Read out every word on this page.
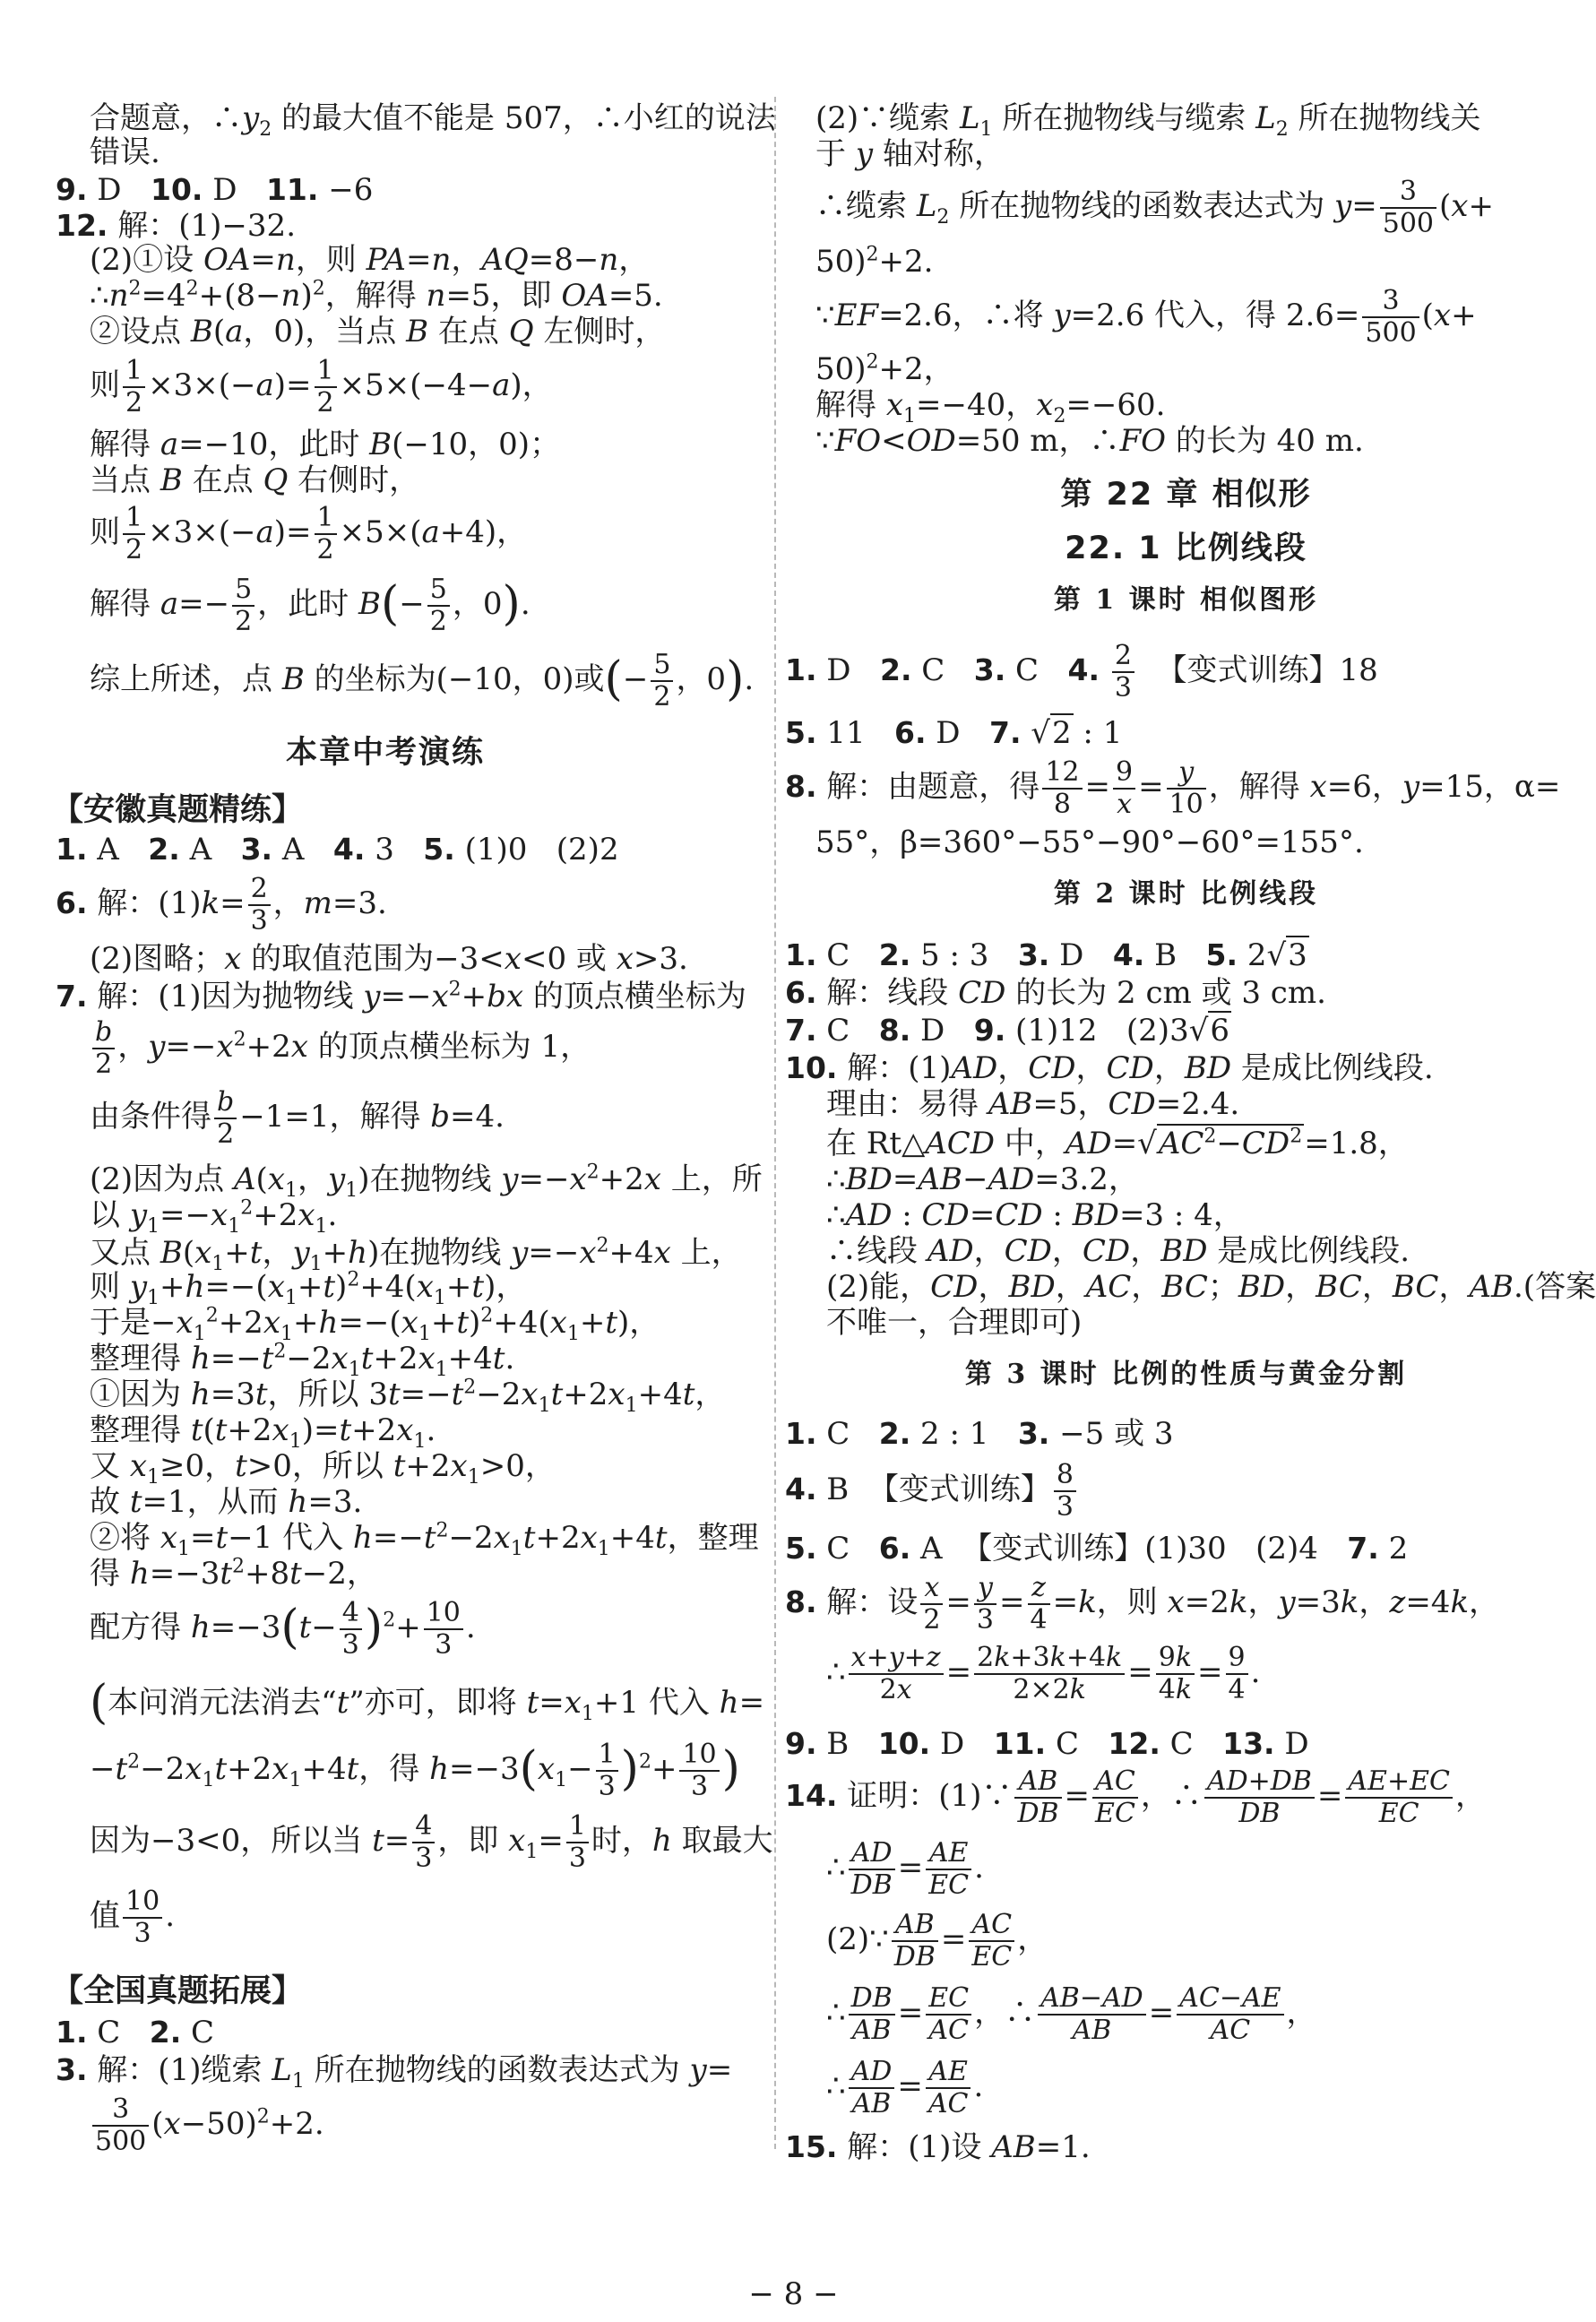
合题意，$\therefore y_2$ 的最大值不能是 507，∴小红的说法
错误.
9. D   10. D   11. −6
12. 解：(1)−32.
(2)①设 OA=n，则 PA=n，AQ=8−n，
$\therefore n^2=4^2+(8-n)^2$，解得 n=5，即 OA=5.
②设点 B(a，0)，当点 B 在点 Q 左侧时，
则 $\frac{1}{2} \times 3\times(-a)= \frac{1}{2} \times 5\times(-4-a)$，
解得 a=−10，此时 B(−10，0)；
当点 B 在点 Q 右侧时，
则 $\frac{1}{2} \times 3\times(-a)= \frac{1}{2} \times 5\times(a+4)$，
解得 $a=- \frac{5}{2}$ ，此时 $B(- \frac{5}{2}$ ，0).
综上所述，点 B 的坐标为(−10，0)或(− $\frac{5}{2}$ ，0).
本章中考演练
【安徽真题精练】
1. A   2. A   3. A   4. 3   5. (1)0   (2)2
6. 解：$(1)k= \frac{2}{3}$ ，m=3.
(2)图略；x 的取值范围为−3<x<0 或 x>3.
7. 解：(1)因为抛物线 $y=-x^2+bx$ 的顶点横坐标为
$\frac{b}{2}$ ，$y=-x^2+2x$ 的顶点横坐标为 1，
由条件得 $\frac{b}{2} -1=1$，解得 b=4.
(2)因为点 $A(x_1$，$y_1$)在抛物线 $y=-x^2+2x$ 上，所
以 $y_1=-x_1^2+2x_1$.
又点 $B(x_1+t$，$y_1+h$)在抛物线 $y=-x^2+4x$ 上，
则 $y_1+h=-(x_1+t)^2+4(x_1+t)$，
于是$-x_1^2+2x_1+h=-(x_1+t)^2+4(x_1+t)$，
整理得 $h=-t^2-2x_1t+2x_1+4t$.
①因为 h=3t，所以 $3t=-t^2-2x_1t+2x_1+4t$，
整理得 $t(t+2x_1)=t+2x_1$.
又 $x_1\ge 0$，t>0，所以 $t+2x_1>0$，
故 t=1，从而 h=3.
②将 $x_1=t-1$ 代入 $h=-t^2-2x_1t+2x_1+4t$，整理
得 $h=-3t^2+8t-2$，
配方得 $h=-3(t- \frac{4}{3} )^2+ \frac{10}{3}$ .
(本问消元法消去“t”亦可，即将 $t=x_1+1$ 代入 h=
$-t^2-2x_1t+2x_1+4t$，得 $h=-3(x_1- \frac{1}{3} )^2+ \frac{10}{3}$ )
因为−3<0，所以当 $t= \frac{4}{3}$ ，即 $x_1= \frac{1}{3}$ 时，h 取最大
值 $\frac{10}{3}$ .
【全国真题拓展】
1. C   2. C
3. 解：(1)缆索 $L_1$ 所在抛物线的函数表达式为 y=
$\frac{3}{500} (x-50)^2+2$.
(2)∵缆索 $L_1$ 所在抛物线与缆索 $L_2$ 所在抛物线关
于 y 轴对称，
∴缆索 $L_2$ 所在抛物线的函数表达式为 $y= \frac{3}{500} (x+$
50)$^2$+2.
∵EF=2.6，∴将 y=2.6 代入，得 $2.6= \frac{3}{500} (x+$
50)$^2$+2，
解得 $x_1=-40$，$x_2=-60$.
∵FO<OD=50 m，∴FO 的长为 40 m.
第 22 章 相似形
22. 1 比例线段
第 1 课时 相似图形
1. D   2. C   3. C   4. $\frac{2}{3}$ 【变式训练】18
5. 11   6. D   7. √2 : 1
8. 解：由题意，得 $\frac{12}{8} = \frac{9}{x} = \frac{y}{10}$ ，解得 x=6，y=15，α=
55°，β=360°−55°−90°−60°=155°.
第 2 课时 比例线段
1. C   2. 5 : 3   3. D   4. B   5. 2√3
6. 解：线段 CD 的长为 2 cm 或 3 cm.
7. C   8. D   9. (1)12   (2)3√6
10. 解：(1)AD，CD，CD，BD 是成比例线段.
理由：易得 AB=5，CD=2.4.
在 Rt△ACD 中，$AD=√AC^2-CD^2=1.8$，
∴BD=AB−AD=3.2，
∴AD : CD=CD : BD=3 : 4，
∴线段 AD，CD，CD，BD 是成比例线段.
(2)能，CD，BD，AC，BC；BD，BC，BC，AB.(答案
不唯一，合理即可)
第 3 课时 比例的性质与黄金分割
1. C   2. 2 : 1   3. −5 或 3
4. B  【变式训练】 $\frac{8}{3}$
5. C   6. A  【变式训练】(1)30   (2)4   7. 2
8. 解：设 $\frac{x}{2} = \frac{y}{3} = \frac{z}{4} =k$，则 x=2k，y=3k，z=4k，
∴ $\frac{x+y+z}{2x} = \frac{2k+3k+4k}{2\times 2k} = \frac{9k}{4k} = \frac{9}{4}$ .
9. B   10. D   11. C   12. C   13. D
14. 证明：(1)∵ $\frac{AB}{DB} = \frac{AC}{EC}$ ，∴ $\frac{AD+DB}{DB} = \frac{AE+EC}{EC}$ ，
∴ $\frac{AD}{DB} = \frac{AE}{EC}$ .
(2)∵ $\frac{AB}{DB} = \frac{AC}{EC}$ ，
∴ $\frac{DB}{AB} = \frac{EC}{AC}$ ，∴ $\frac{AB-AD}{AB} = \frac{AC-AE}{AC}$ ，
∴ $\frac{AD}{AB} = \frac{AE}{AC}$ .
15. 解：(1)设 AB=1.
− 8 −
